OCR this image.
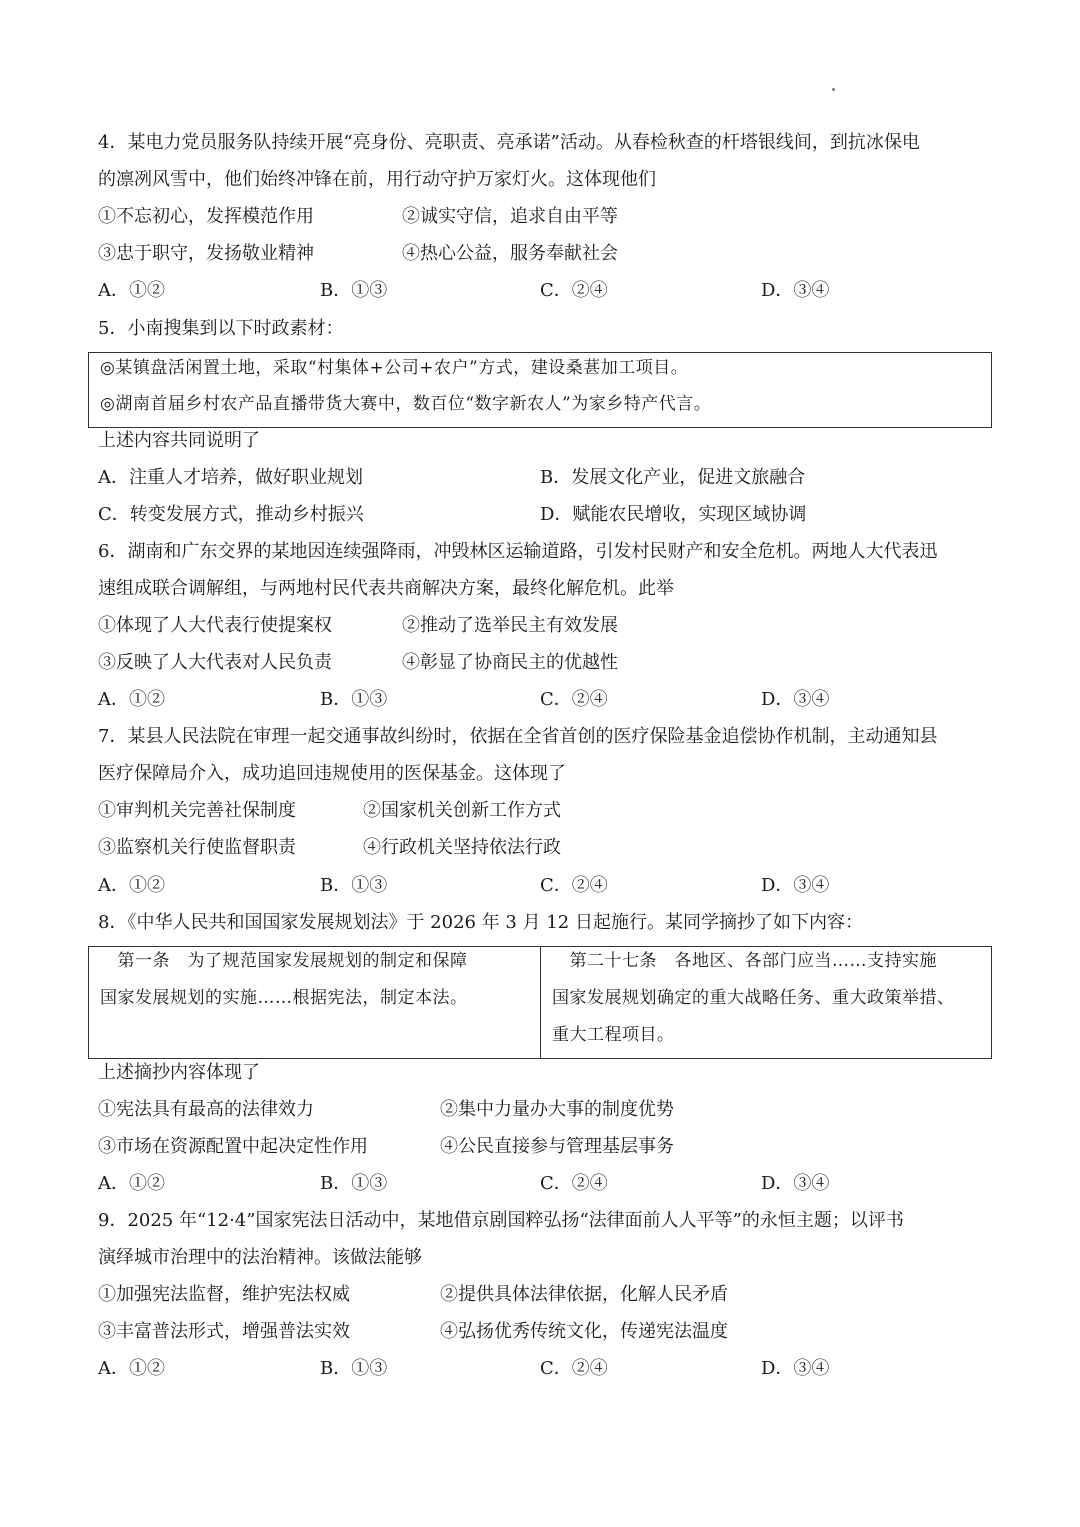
4．某电力党员服务队持续开展“亮身份、亮职责、亮承诺”活动。从春检秋查的杆塔银线间，到抗冰保电
的凛冽风雪中，他们始终冲锋在前，用行动守护万家灯火。这体现他们
①不忘初心，发挥模范作用	②诚实守信，追求自由平等
③忠于职守，发扬敬业精神	④热心公益，服务奉献社会
A．①②	B．①③	C．②④	D．③④
5．小南搜集到以下时政素材：
◎某镇盘活闲置土地，采取“村集体+公司+农户”方式，建设桑葚加工项目。
◎湖南首届乡村农产品直播带货大赛中，数百位“数字新农人”为家乡特产代言。
上述内容共同说明了
A．注重人才培养，做好职业规划	B．发展文化产业，促进文旅融合
C．转变发展方式，推动乡村振兴	D．赋能农民增收，实现区域协调
6．湖南和广东交界的某地因连续强降雨，冲毁林区运输道路，引发村民财产和安全危机。两地人大代表迅
速组成联合调解组，与两地村民代表共商解决方案，最终化解危机。此举
①体现了人大代表行使提案权	②推动了选举民主有效发展
③反映了人大代表对人民负责	④彰显了协商民主的优越性
A．①②	B．①③	C．②④	D．③④
7．某县人民法院在审理一起交通事故纠纷时，依据在全省首创的医疗保险基金追偿协作机制，主动通知县
医疗保障局介入，成功追回违规使用的医保基金。这体现了
①审判机关完善社保制度	②国家机关创新工作方式
③监察机关行使监督职责	④行政机关坚持依法行政
A．①②	B．①③	C．②④	D．③④
8．《中华人民共和国国家发展规划法》于 2026 年 3 月 12 日起施行。某同学摘抄了如下内容：
　第一条　为了规范国家发展规划的制定和保障
国家发展规划的实施……根据宪法，制定本法。
　第二十七条　各地区、各部门应当……支持实施
国家发展规划确定的重大战略任务、重大政策举措、
重大工程项目。
上述摘抄内容体现了
①宪法具有最高的法律效力	②集中力量办大事的制度优势
③市场在资源配置中起决定性作用	④公民直接参与管理基层事务
A．①②	B．①③	C．②④	D．③④
9．2025 年“12·4”国家宪法日活动中，某地借京剧国粹弘扬“法律面前人人平等”的永恒主题；以评书
演绎城市治理中的法治精神。该做法能够
①加强宪法监督，维护宪法权威	②提供具体法律依据，化解人民矛盾
③丰富普法形式，增强普法实效	④弘扬优秀传统文化，传递宪法温度
A．①②	B．①③	C．②④	D．③④
